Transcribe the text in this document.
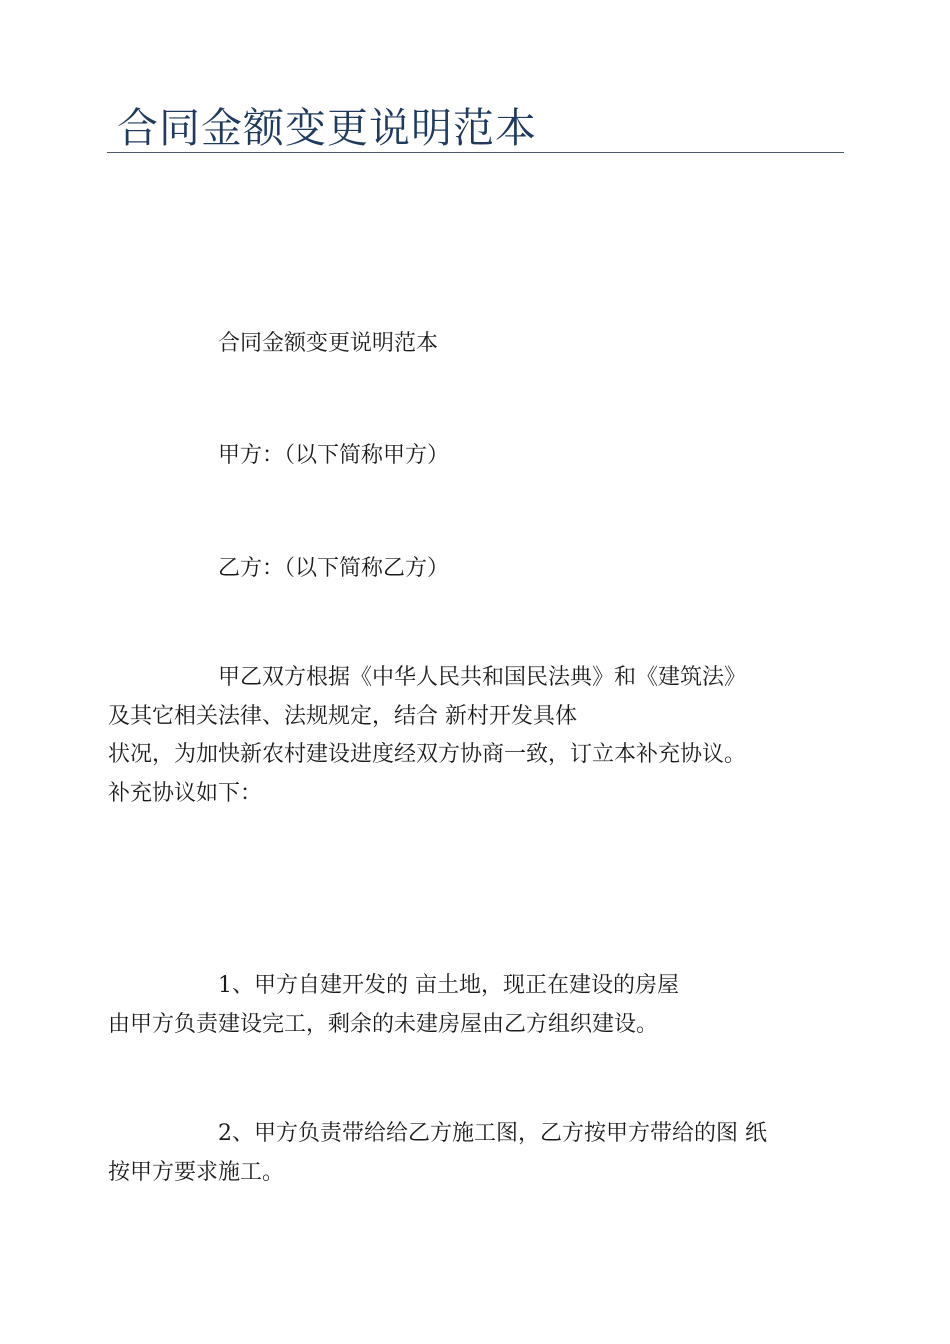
合同金额变更说明范本
合同金额变更说明范本
甲方：（以下简称甲方）
乙方：（以下简称乙方）
甲乙双方根据《中华人民共和国民法典》和《建筑法》
及其它相关法律、法规规定，结合 新村开发具体
状况，为加快新农村建设进度经双方协商一致，订立本补充协议。
补充协议如下：
1、甲方自建开发的 亩土地，现正在建设的房屋
由甲方负责建设完工，剩余的未建房屋由乙方组织建设。
2、甲方负责带给给乙方施工图，乙方按甲方带给的图 纸
按甲方要求施工。
